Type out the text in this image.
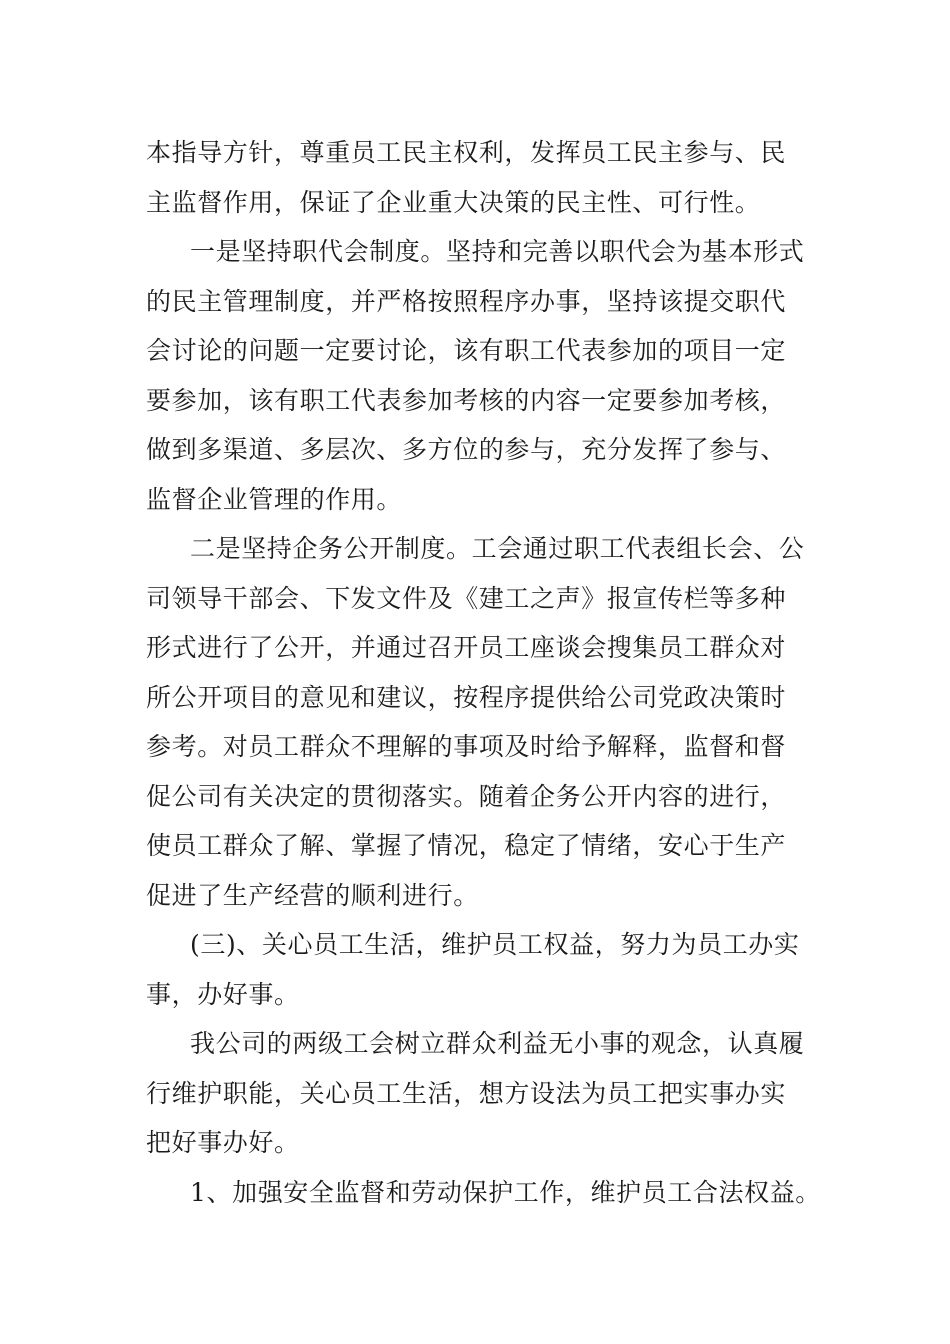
本指导方针，尊重员工民主权利，发挥员工民主参与、民
主监督作用，保证了企业重大决策的民主性、可行性。
一是坚持职代会制度。坚持和完善以职代会为基本形式
的民主管理制度，并严格按照程序办事，坚持该提交职代
会讨论的问题一定要讨论，该有职工代表参加的项目一定
要参加，该有职工代表参加考核的内容一定要参加考核，
做到多渠道、多层次、多方位的参与，充分发挥了参与、
监督企业管理的作用。
二是坚持企务公开制度。工会通过职工代表组长会、公
司领导干部会、下发文件及《建工之声》报宣传栏等多种
形式进行了公开，并通过召开员工座谈会搜集员工群众对
所公开项目的意见和建议，按程序提供给公司党政决策时
参考。对员工群众不理解的事项及时给予解释，监督和督
促公司有关决定的贯彻落实。随着企务公开内容的进行，
使员工群众了解、掌握了情况，稳定了情绪，安心于生产
促进了生产经营的顺利进行。
(三)、关心员工生活，维护员工权益，努力为员工办实
事，办好事。
我公司的两级工会树立群众利益无小事的观念，认真履
行维护职能，关心员工生活，想方设法为员工把实事办实
把好事办好。
1、加强安全监督和劳动保护工作，维护员工合法权益。
